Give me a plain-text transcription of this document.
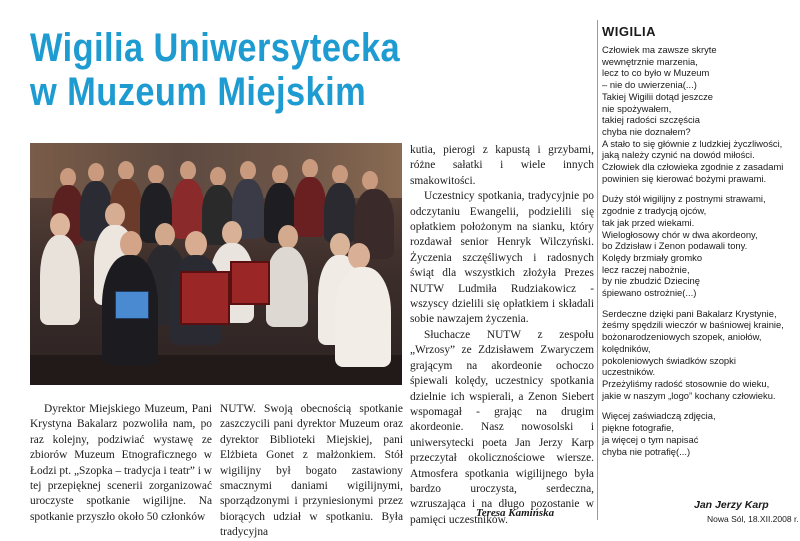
Wigilia Uniwersytecka
w Muzeum Miejskim

Dyrektor Miejskiego Muzeum, Pani Krystyna Bakalarz pozwoliła nam, po raz kolejny, podziwiać wystawę ze zbiorów Muzeum Etnograficznego w Łodzi pt. „Szopka – tradycja i teatr” i w tej przepięknej scenerii zorganizować uroczyste spotkanie wigilijne. Na spotkanie przyszło około 50 członków

NUTW. Swoją obecnością spotkanie zaszczycili pani dyrektor Muzeum oraz dyrektor Biblioteki Miejskiej, pani Elżbieta Gonet z małżonkiem. Stół wigilijny był bogato zastawiony smacznymi daniami wigilijnymi, sporządzonymi i przyniesionymi przez biorących udział w spotkaniu. Była tradycyjna

kutia, pierogi z kapustą i grzybami, różne sałatki i wiele innych smakowitości.

Uczestnicy spotkania, tradycyjnie po odczytaniu Ewangelii, podzielili się opłatkiem położonym na sianku, który rozdawał senior Henryk Wilczyński. Życzenia szczęśliwych i radosnych świąt dla wszystkich złożyła Prezes NUTW Ludmiła Rudziakowicz - wszyscy dzielili się opłatkiem i składali sobie nawzajem życzenia.

Słuchacze NUTW z zespołu „Wrzosy” ze Zdzisławem Zwaryczem grającym na akordeonie ochoczo śpiewali kolędy, uczestnicy spotkania dzielnie ich wspierali, a Zenon Siebert wspomagał - grając na drugim akordeonie. Nasz nowosolski i uniwersytecki poeta Jan Jerzy Karp przeczytał okolicznościowe wiersze. Atmosfera spotkania wigilijnego była bardzo uroczysta, serdeczna, wzruszająca i na długo pozostanie w pamięci uczestników.

Teresa Kamińska
WIGILIA
Człowiek ma zawsze skryte
wewnętrznie marzenia,
lecz to co było w Muzeum
– nie do uwierzenia(...)
Takiej Wigilii dotąd jeszcze
nie spożywałem,
takiej radości szczęścia
chyba nie doznałem?
A stało to się głównie z ludzkiej życzliwości,
jaką należy czynić na dowód miłości.
Człowiek dla człowieka zgodnie z zasadami
powinien się kierować bożymi prawami.
Duży stół wigilijny z postnymi strawami,
zgodnie z tradycją ojców,
tak jak przed wiekami.
Wielogłosowy chór w dwa akordeony,
bo Zdzisław i Zenon podawali tony.
Kolędy brzmiały gromko
lecz raczej nabożnie,
by nie zbudzić Dziecinę
śpiewano ostrożnie(...)
Serdeczne dzięki pani Bakalarz Krystynie,
żeśmy spędzili wieczór w baśniowej krainie,
bożonarodzeniowych szopek, aniołów,
kolędników,
pokoleniowych świadków szopki
uczestników.
Przeżyliśmy radość stosownie do wieku,
jakie w naszym „logo” kochany człowieku.
Więcej zaświadczą zdjęcia,
piękne fotografie,
ja więcej o tym napisać
chyba nie potrafię(...)
Jan Jerzy Karp
Nowa Sól, 18.XII.2008 r.
